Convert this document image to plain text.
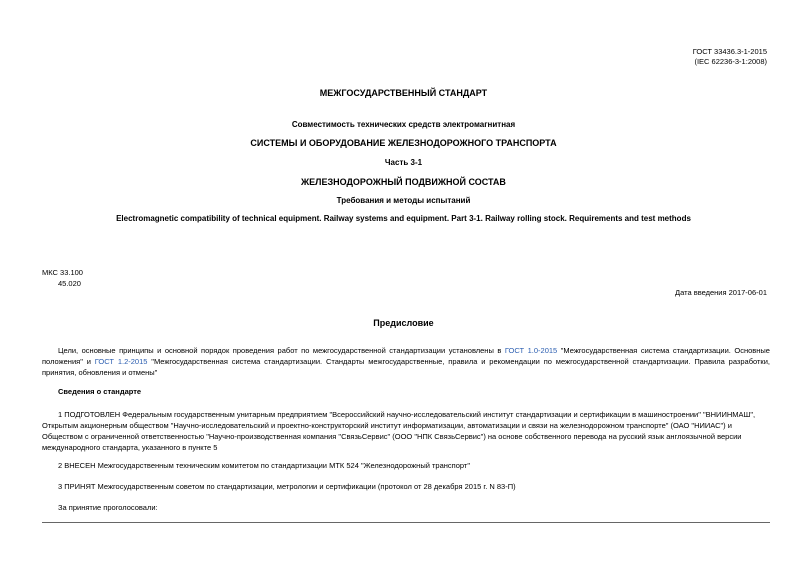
ГОСТ 33436.3-1-2015
(IEC 62236-3-1:2008)
МЕЖГОСУДАРСТВЕННЫЙ СТАНДАРТ
Совместимость технических средств электромагнитная
СИСТЕМЫ И ОБОРУДОВАНИЕ ЖЕЛЕЗНОДОРОЖНОГО ТРАНСПОРТА
Часть 3-1
ЖЕЛЕЗНОДОРОЖНЫЙ ПОДВИЖНОЙ СОСТАВ
Требования и методы испытаний
Electromagnetic compatibility of technical equipment. Railway systems and equipment. Part 3-1. Railway rolling stock. Requirements and test methods
МКС 33.100
45.020
Дата введения 2017-06-01
Предисловие
Цели, основные принципы и основной порядок проведения работ по межгосударственной стандартизации установлены в ГОСТ 1.0-2015 "Межгосударственная система стандартизации. Основные положения" и ГОСТ 1.2-2015 "Межгосударственная система стандартизации. Стандарты межгосударственные, правила и рекомендации по межгосударственной стандартизации. Правила разработки, принятия, обновления и отмены"
Сведения о стандарте
1 ПОДГОТОВЛЕН Федеральным государственным унитарным предприятием "Всероссийский научно-исследовательский институт стандартизации и сертификации в машиностроении" "ВНИИНМАШ", Открытым акционерным обществом "Научно-исследовательский и проектно-конструкторский институт информатизации, автоматизации и связи на железнодорожном транспорте" (ОАО "НИИАС") и Обществом с ограниченной ответственностью "Научно-производственная компания "СвязьСервис" (ООО "НПК СвязьСервис") на основе собственного перевода на русский язык англоязычной версии международного стандарта, указанного в пункте 5
2 ВНЕСЕН Межгосударственным техническим комитетом по стандартизации МТК 524 "Железнодорожный транспорт"
3 ПРИНЯТ Межгосударственным советом по стандартизации, метрологии и сертификации (протокол от 28 декабря 2015 г. N 83-П)
За принятие проголосовали:
